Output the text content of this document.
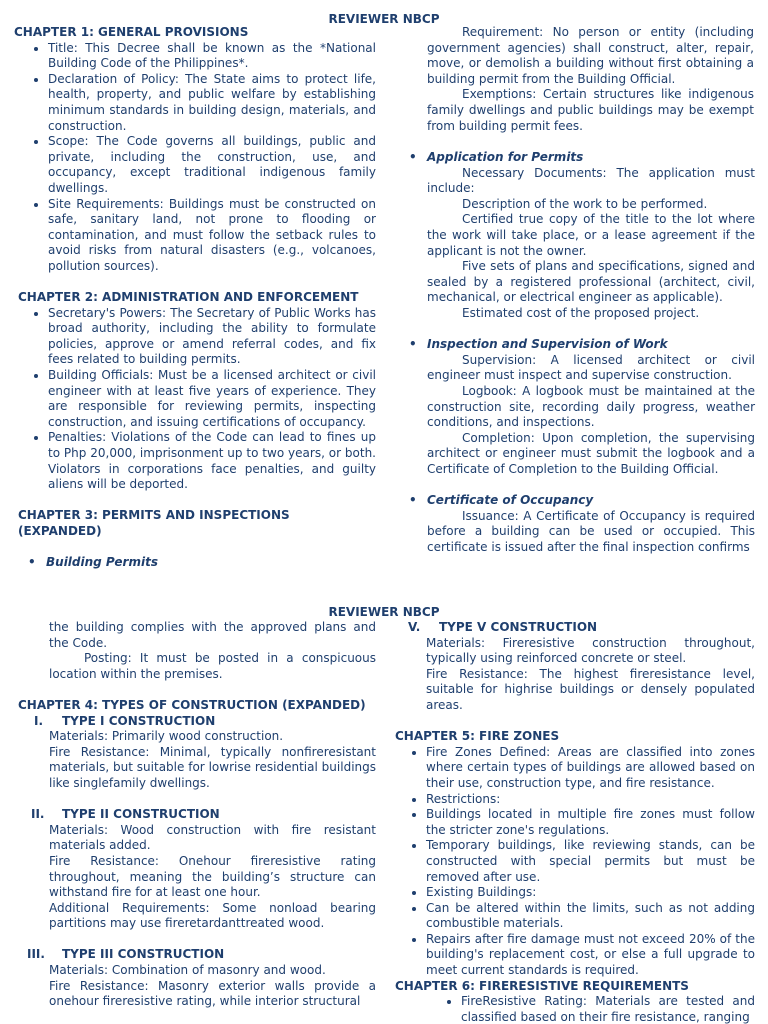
REVIEWER NBCP
CHAPTER 1: GENERAL PROVISIONS
• Title: This Decree shall be known as the *National Building Code of the Philippines*.
• Declaration of Policy: The State aims to protect life, health, property, and public welfare by establishing minimum standards in building design, materials, and construction.
• Scope: The Code governs all buildings, public and private, including the construction, use, and occupancy, except traditional indigenous family dwellings.
• Site Requirements: Buildings must be constructed on safe, sanitary land, not prone to flooding or contamination, and must follow the setback rules to avoid risks from natural disasters (e.g., volcanoes, pollution sources).
CHAPTER 2: ADMINISTRATION AND ENFORCEMENT
• Secretary's Powers: The Secretary of Public Works has broad authority, including the ability to formulate policies, approve or amend referral codes, and fix fees related to building permits.
• Building Officials: Must be a licensed architect or civil engineer with at least five years of experience. They are responsible for reviewing permits, inspecting construction, and issuing certifications of occupancy.
• Penalties: Violations of the Code can lead to fines up to Php 20,000, imprisonment up to two years, or both. Violators in corporations face penalties, and guilty aliens will be deported.
CHAPTER 3: PERMITS AND INSPECTIONS (EXPANDED)
• Building Permits

Requirement: No person or entity (including government agencies) shall construct, alter, repair, move, or demolish a building without first obtaining a building permit from the Building Official.

Exemptions: Certain structures like indigenous family dwellings and public buildings may be exempt from building permit fees.

• Application for Permits

Necessary Documents: The application must include:

Description of the work to be performed.

Certified true copy of the title to the lot where the work will take place, or a lease agreement if the applicant is not the owner.

Five sets of plans and specifications, signed and sealed by a registered professional (architect, civil, mechanical, or electrical engineer as applicable).

Estimated cost of the proposed project.

• Inspection and Supervision of Work

Supervision: A licensed architect or civil engineer must inspect and supervise construction.

Logbook: A logbook must be maintained at the construction site, recording daily progress, weather conditions, and inspections.

Completion: Upon completion, the supervising architect or engineer must submit the logbook and a Certificate of Completion to the Building Official.

• Certificate of Occupancy

Issuance: A Certificate of Occupancy is required before a building can be used or occupied. This certificate is issued after the final inspection confirms

REVIEWER NBCP

the building complies with the approved plans and the Code.

Posting: It must be posted in a conspicuous location within the premises.

CHAPTER 4: TYPES OF CONSTRUCTION (EXPANDED)
I. TYPE I CONSTRUCTION

Materials: Primarily wood construction.

Fire Resistance: Minimal, typically nonfireresistant materials, but suitable for lowrise residential buildings like singlefamily dwellings.

II. TYPE II CONSTRUCTION

Materials: Wood construction with fire resistant materials added.

Fire Resistance: Onehour fireresistive rating throughout, meaning the building’s structure can withstand fire for at least one hour.

Additional Requirements: Some nonload bearing partitions may use fireretardanttreated wood.

III. TYPE III CONSTRUCTION

Materials: Combination of masonry and wood.

Fire Resistance: Masonry exterior walls provide a onehour fireresistive rating, while interior structural

V. TYPE V CONSTRUCTION

Materials: Fireresistive construction throughout, typically using reinforced concrete or steel.

Fire Resistance: The highest fireresistance level, suitable for highrise buildings or densely populated areas.

CHAPTER 5: FIRE ZONES
• Fire Zones Defined: Areas are classified into zones where certain types of buildings are allowed based on their use, construction type, and fire resistance.
• Restrictions:
• Buildings located in multiple fire zones must follow the stricter zone's regulations.
• Temporary buildings, like reviewing stands, can be constructed with special permits but must be removed after use.
• Existing Buildings:
• Can be altered within the limits, such as not adding combustible materials.
• Repairs after fire damage must not exceed 20% of the building's replacement cost, or else a full upgrade to meet current standards is required.
CHAPTER 6: FIRERESISTIVE REQUIREMENTS
• FireResistive Rating: Materials are tested and classified based on their fire resistance, ranging
